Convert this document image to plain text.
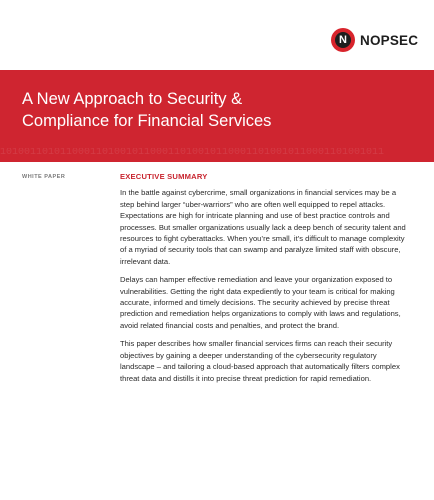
N NOPSEC
A New Approach to Security &
Compliance for Financial Services
1010011010110001101001011000110100101100011010010110001101001011
WHITE PAPER	EXECUTIVE SUMMARY

In the battle against cybercrime, small organizations in financial services may be a step behind larger “uber-warriors” who are often well equipped to repel attacks. Expectations are high for intricate planning and use of best practice controls and processes. But smaller organizations usually lack a deep bench of security talent and resources to fight cyberattacks. When you’re small, it’s difficult to manage complexity of a myriad of security tools that can swamp and paralyze limited staff with obscure, irrelevant data.

Delays can hamper effective remediation and leave your organization exposed to vulnerabilities. Getting the right data expediently to your team is critical for making accurate, informed and timely decisions. The security achieved by precise threat prediction and remediation helps organizations to comply with laws and regulations, avoid related financial costs and penalties, and protect the brand.

This paper describes how smaller financial services firms can reach their security objectives by gaining a deeper understanding of the cybersecurity regulatory landscape – and tailoring a cloud-based approach that automatically filters complex threat data and distills it into precise threat prediction for rapid remediation.
